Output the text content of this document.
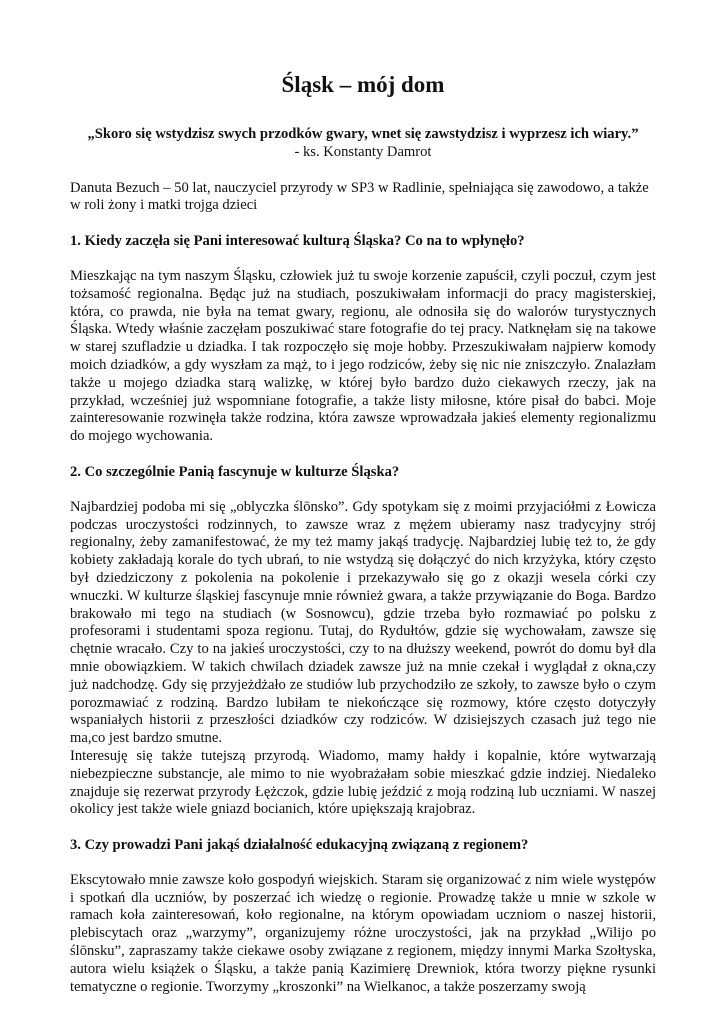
Śląsk – mój dom
„Skoro się wstydzisz swych przodków gwary, wnet się zawstydzisz i wyprzesz ich wiary.”
- ks. Konstanty Damrot
Danuta Bezuch – 50 lat, nauczyciel przyrody w SP3 w Radlinie, spełniająca się zawodowo, a także w roli żony i matki trojga dzieci
1. Kiedy zaczęła się Pani interesować kulturą Śląska? Co na to wpłynęło?

Mieszkając na tym naszym Śląsku, człowiek już tu swoje korzenie zapuścił, czyli poczuł, czym jest tożsamość regionalna. Będąc już na studiach, poszukiwałam informacji do pracy magisterskiej, która, co prawda, nie była na temat gwary, regionu, ale odnosiła się do walorów turystycznych Śląska. Wtedy właśnie zaczęłam poszukiwać stare fotografie do tej pracy. Natknęłam się na takowe w starej szufladzie u dziadka. I tak rozpoczęło się moje hobby. Przeszukiwałam najpierw komody moich dziadków, a gdy wyszłam za mąż, to i jego rodziców, żeby się nic nie zniszczyło. Znalazłam także u mojego dziadka starą walizkę, w której było bardzo dużo ciekawych rzeczy, jak na przykład, wcześniej już wspomniane fotografie, a także listy miłosne, które pisał do babci. Moje zainteresowanie rozwinęła także rodzina, która zawsze wprowadzała jakieś elementy regionalizmu do mojego wychowania.

2. Co szczególnie Panią fascynuje w kulturze Śląska?

Najbardziej podoba mi się „oblyczka ślōnsko”. Gdy spotykam się z moimi przyjaciółmi z Łowicza podczas uroczystości rodzinnych, to zawsze wraz z mężem ubieramy nasz tradycyjny strój regionalny, żeby zamanifestować, że my też mamy jakąś tradycję. Najbardziej lubię też to, że gdy kobiety zakładają korale do tych ubrań, to nie wstydzą się dołączyć do nich krzyżyka, który często był dziedziczony z pokolenia na pokolenie i przekazywało się go z okazji wesela córki czy wnuczki. W kulturze śląskiej fascynuje mnie również gwara, a także przywiązanie do Boga. Bardzo brakowało mi tego na studiach (w Sosnowcu), gdzie trzeba było rozmawiać po polsku z profesorami i studentami spoza regionu. Tutaj, do Rydułtów, gdzie się wychowałam, zawsze się chętnie wracało. Czy to na jakieś uroczystości, czy to na dłuższy weekend, powrót do domu był dla mnie obowiązkiem. W takich chwilach dziadek zawsze już na mnie czekał i wyglądał z okna,czy już nadchodzę. Gdy się przyjeżdżało ze studiów lub przychodziło ze szkoły, to zawsze było o czym porozmawiać z rodziną. Bardzo lubiłam te niekończące się rozmowy, które często dotyczyły wspaniałych historii z przeszłości dziadków czy rodziców. W dzisiejszych czasach już tego nie ma,co jest bardzo smutne.

Interesuję się także tutejszą przyrodą. Wiadomo, mamy hałdy i kopalnie, które wytwarzają niebezpieczne substancje, ale mimo to nie wyobrażałam sobie mieszkać gdzie indziej. Niedaleko znajduje się rezerwat przyrody Łężczok, gdzie lubię jeździć z moją rodziną lub uczniami. W naszej okolicy jest także wiele gniazd bocianich, które upiększają krajobraz.

3. Czy prowadzi Pani jakąś działalność edukacyjną związaną z regionem?

Ekscytowało mnie zawsze koło gospodyń wiejskich. Staram się organizować z nim wiele występów i spotkań dla uczniów, by poszerzać ich wiedzę o regionie. Prowadzę także u mnie w szkole w ramach koła zainteresowań, koło regionalne, na którym opowiadam uczniom o naszej historii, plebiscytach oraz „warzymy”, organizujemy różne uroczystości, jak na przykład „Wilijo po ślōnsku”, zapraszamy także ciekawe osoby związane z regionem, między innymi Marka Szołtyska, autora wielu książek o Śląsku, a także panią Kazimierę Drewniok, która tworzy piękne rysunki tematyczne o regionie. Tworzymy „kroszonki” na Wielkanoc, a także poszerzamy swoją
